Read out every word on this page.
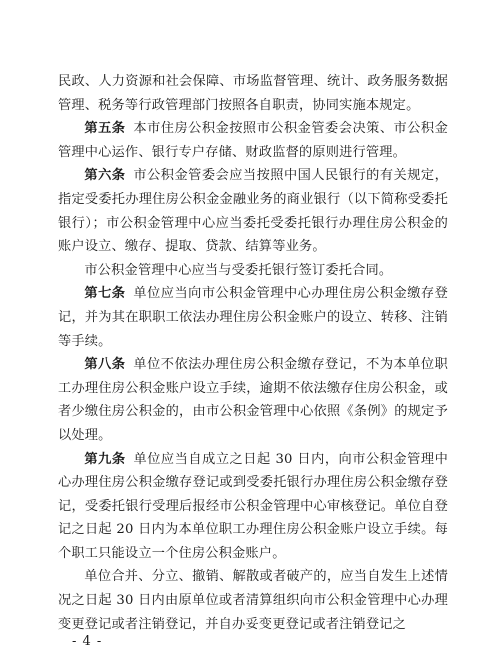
民政、人力资源和社会保障、市场监督管理、统计、政务服务数据管理、税务等行政管理部门按照各自职责，协同实施本规定。

第五条 本市住房公积金按照市公积金管委会决策、市公积金管理中心运作、银行专户存储、财政监督的原则进行管理。

第六条 市公积金管委会应当按照中国人民银行的有关规定，指定受委托办理住房公积金金融业务的商业银行（以下简称受委托银行）；市公积金管理中心应当委托受委托银行办理住房公积金的账户设立、缴存、提取、贷款、结算等业务。

市公积金管理中心应当与受委托银行签订委托合同。

第七条 单位应当向市公积金管理中心办理住房公积金缴存登记，并为其在职职工依法办理住房公积金账户的设立、转移、注销等手续。

第八条 单位不依法办理住房公积金缴存登记，不为本单位职工办理住房公积金账户设立手续，逾期不依法缴存住房公积金，或者少缴住房公积金的，由市公积金管理中心依照《条例》的规定予以处理。

第九条 单位应当自成立之日起 30 日内，向市公积金管理中心办理住房公积金缴存登记或到受委托银行办理住房公积金缴存登记，受委托银行受理后报经市公积金管理中心审核登记。单位自登记之日起 20 日内为本单位职工办理住房公积金账户设立手续。每个职工只能设立一个住房公积金账户。

单位合并、分立、撤销、解散或者破产的，应当自发生上述情况之日起 30 日内由原单位或者清算组织向市公积金管理中心办理变更登记或者注销登记，并自办妥变更登记或者注销登记之

- 4 -
